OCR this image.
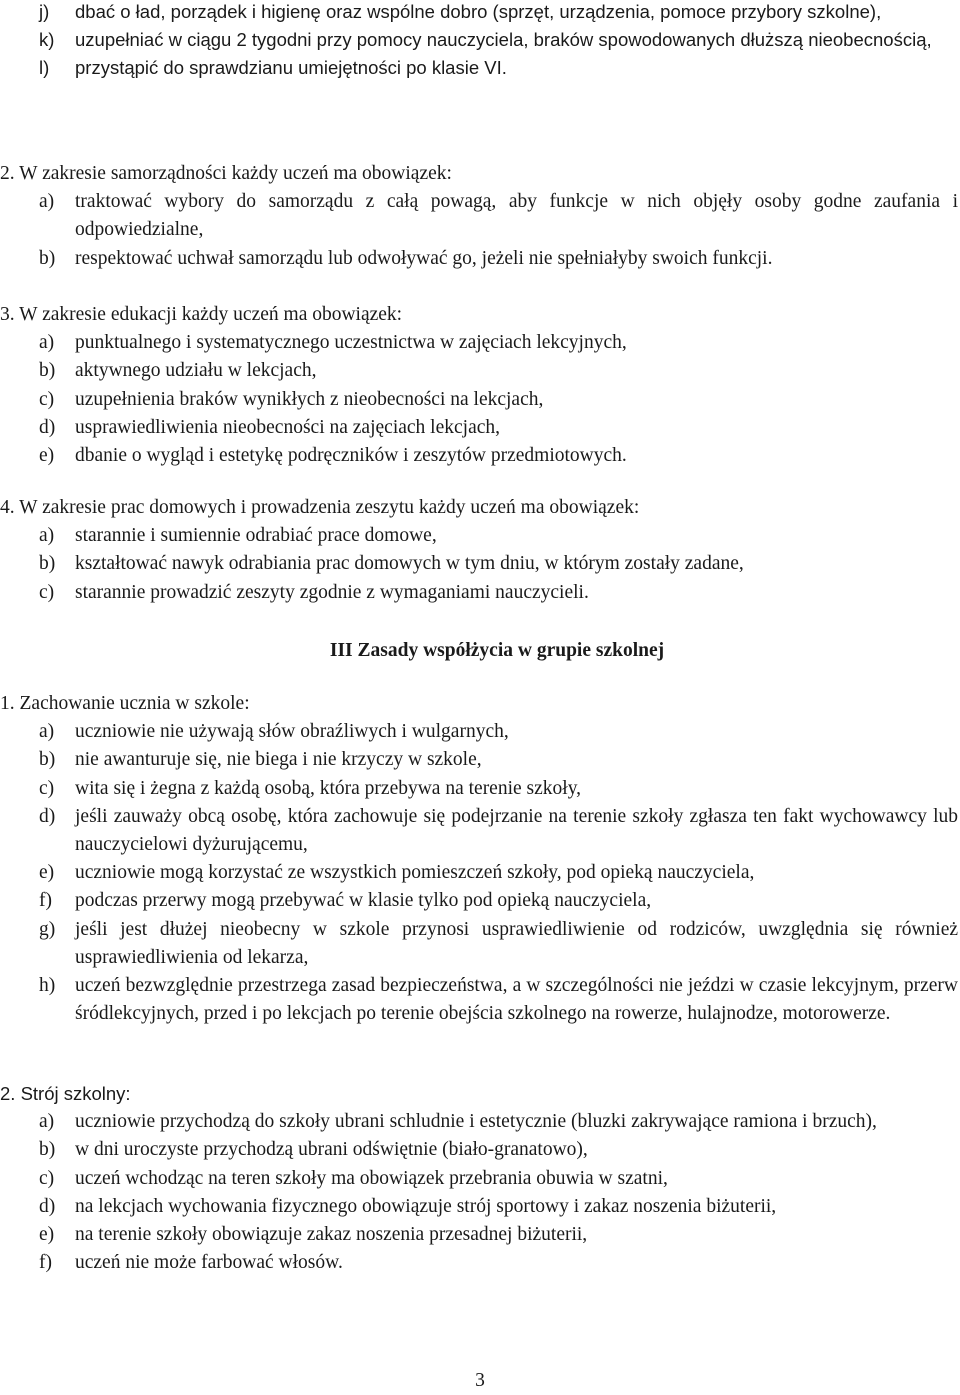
j) dbać o ład, porządek i higienę oraz wspólne dobro (sprzęt, urządzenia, pomoce przybory szkolne),
k) uzupełniać w ciągu 2 tygodni przy pomocy nauczyciela, braków spowodowanych dłuższą nieobecnością,
l) przystąpić do sprawdzianu umiejętności po klasie VI.
2. W zakresie samorządności każdy uczeń ma obowiązek:
a) traktować wybory do samorządu z całą powagą, aby funkcje w nich objęły osoby godne zaufania i odpowiedzialne,
b) respektować uchwał samorządu lub odwoływać go, jeżeli nie spełniałyby swoich funkcji.
3. W zakresie edukacji każdy uczeń ma obowiązek:
a) punktualnego i systematycznego uczestnictwa w zajęciach lekcyjnych,
b) aktywnego udziału w lekcjach,
c) uzupełnienia braków wynikłych z nieobecności na lekcjach,
d) usprawiedliwienia nieobecności na zajęciach lekcjach,
e) dbanie o wygląd i estetykę podręczników i zeszytów przedmiotowych.
4. W zakresie prac domowych i prowadzenia zeszytu każdy uczeń ma obowiązek:
a) starannie i sumiennie odrabiać prace domowe,
b) kształtować nawyk odrabiania prac domowych w tym dniu, w którym zostały zadane,
c) starannie prowadzić zeszyty zgodnie z wymaganiami nauczycieli.
III Zasady współżycia w grupie szkolnej
1. Zachowanie ucznia w szkole:
a) uczniowie nie używają słów obraźliwych i wulgarnych,
b) nie awanturuje się, nie biega i nie krzyczy w szkole,
c) wita się i żegna z każdą osobą, która przebywa na terenie szkoły,
d) jeśli zauważy obcą osobę, która zachowuje się podejrzanie na terenie szkoły zgłasza ten fakt wychowawcy lub nauczycielowi dyżurującemu,
e) uczniowie mogą korzystać ze wszystkich pomieszczeń szkoły, pod opieką nauczyciela,
f) podczas przerwy mogą przebywać w klasie tylko pod opieką nauczyciela,
g) jeśli jest dłużej nieobecny w szkole przynosi usprawiedliwienie od rodziców, uwzględnia się również usprawiedliwienia od lekarza,
h) uczeń bezwzględnie przestrzega zasad bezpieczeństwa, a w szczególności nie jeździ w czasie lekcyjnym, przerw śródlekcyjnych, przed i po lekcjach po terenie obejścia szkolnego na rowerze, hulajnodze, motorowerze.
2. Strój szkolny:
a) uczniowie przychodzą do szkoły ubrani schludnie i estetycznie (bluzki zakrywające ramiona i brzuch),
b) w dni uroczyste przychodzą ubrani odświętnie (biało-granatowo),
c) uczeń wchodząc na teren szkoły ma obowiązek przebrania obuwia w szatni,
d) na lekcjach wychowania fizycznego obowiązuje strój sportowy i zakaz noszenia biżuterii,
e) na terenie szkoły obowiązuje zakaz noszenia przesadnej biżuterii,
f) uczeń nie może farbować włosów.
3
